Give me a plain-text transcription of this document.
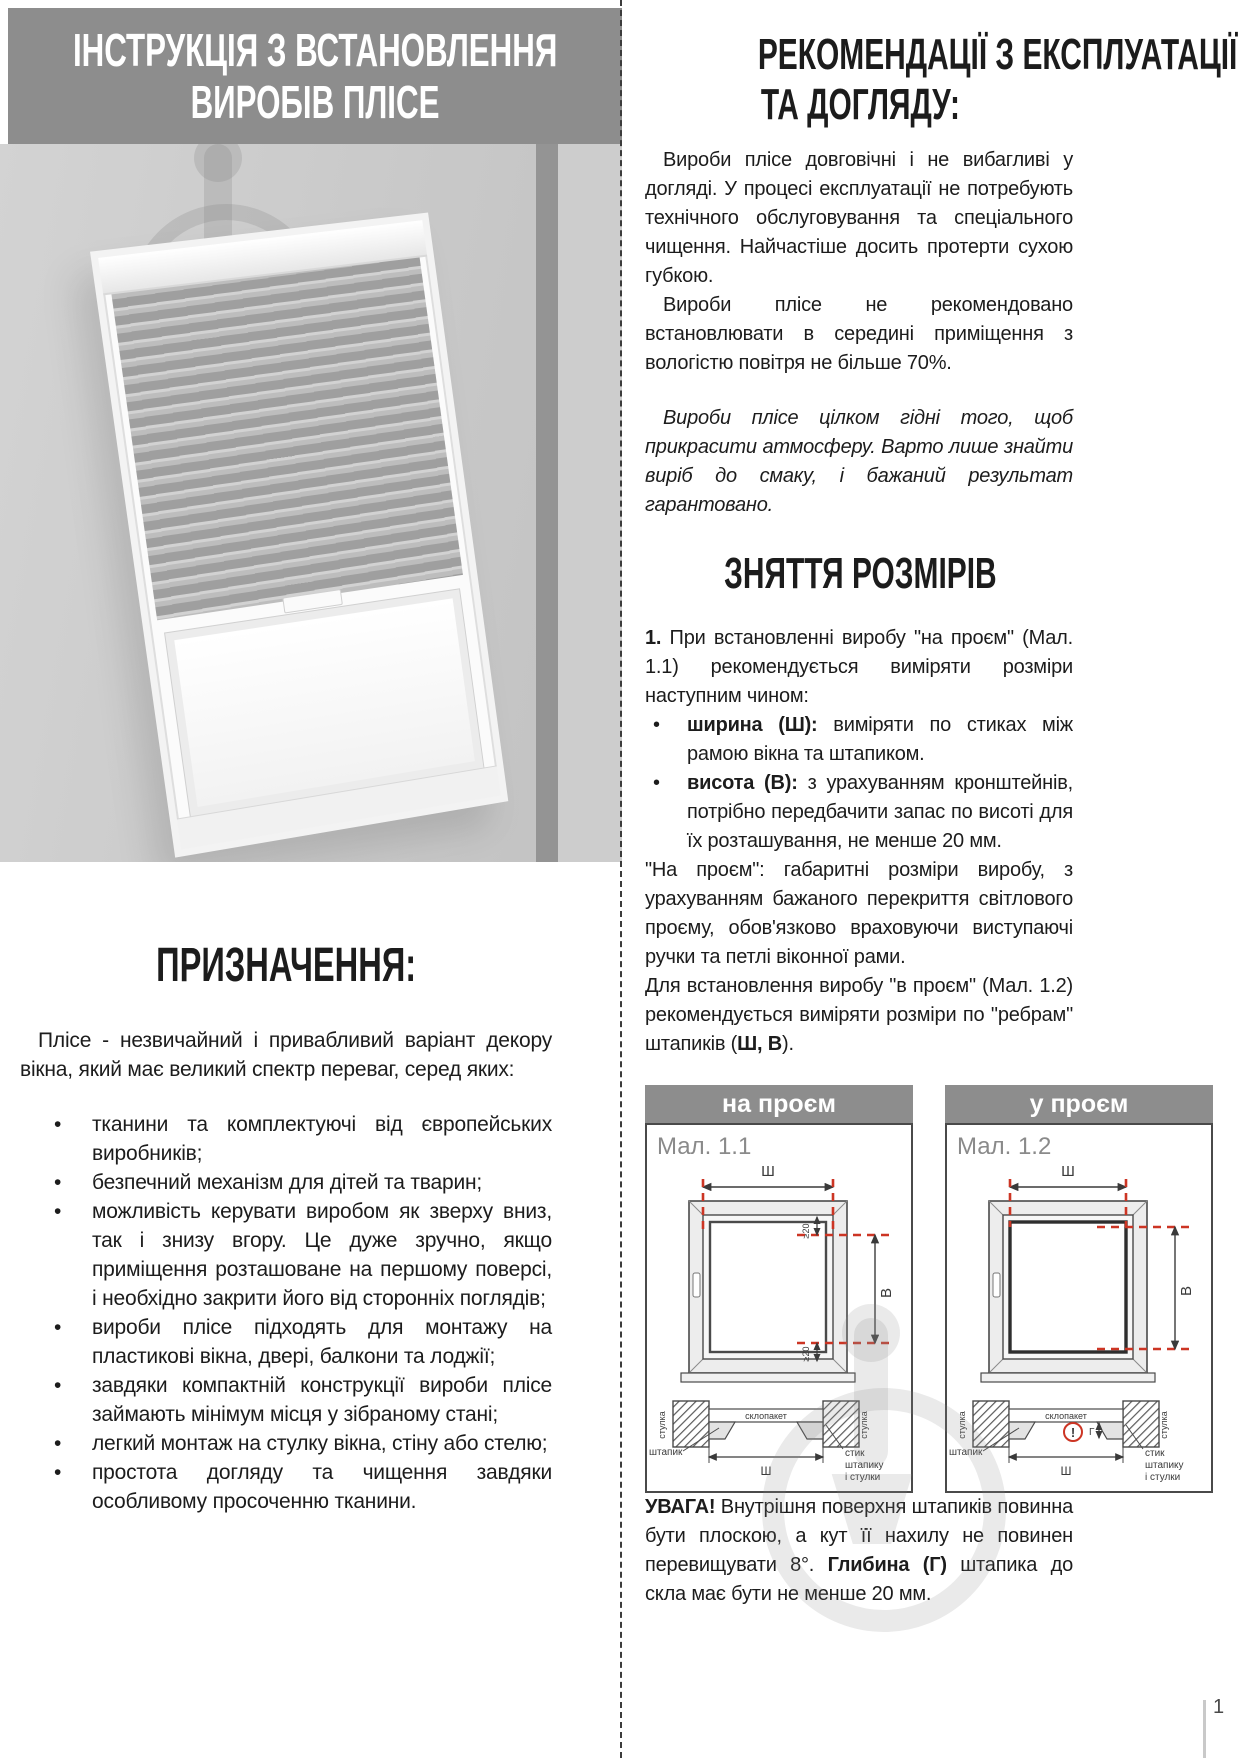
ІНСТРУКЦІЯ З ВСТАНОВЛЕННЯ
ВИРОБІВ ПЛІСЕ
ПРИЗНАЧЕННЯ:

Плісе - незвичайний і привабливий варіант декору вікна, який має великий спектр переваг, серед яких:

•	тканини та комплектуючі від європейських виробників;
•	безпечний механізм для дітей та тварин;
•	можливість керувати виробом як зверху вниз, так і знизу вгору. Це дуже зручно, якщо приміщення розташоване на першому поверсі, і необхідно закрити його від сторонніх поглядів;
•	вироби плісе підходять для монтажу на пластикові вікна, двері, балкони та лоджії;
•	завдяки компактній конструкції вироби плісе займають мінімум місця у зібраному стані;
•	легкий монтаж на стулку вікна, стіну або стелю;
•	простота догляду та чищення завдяки особливому просоченню тканини.
РЕКОМЕНДАЦІЇ З ЕКСПЛУАТАЦІЇ
ТА ДОГЛЯДУ:

Вироби плісе довговічні і не вибагливі у догляді. У процесі експлуатації не потребують технічного обслуговування та спеціального чищення. Найчастіше досить протерти сухою губкою.

Вироби плісе не рекомендовано встановлювати в середині приміщення з вологістю повітря не більше 70%.

Вироби плісе цілком гідні того, щоб прикрасити атмосферу. Варто лише знайти виріб до смаку, і бажаний результат гарантовано.

ЗНЯТТЯ РОЗМІРІВ

1. При встановленні виробу "на проєм" (Мал. 1.1) рекомендується виміряти розміри наступним чином:

•	ширина (Ш): виміряти по стиках між рамою вікна та штапиком.
•	висота (В): з урахуванням кронштейнів, потрібно передбачити запас по висоті для їх розташування, не менше 20 мм.

"На проєм": габаритні розміри виробу, з урахуванням бажаного перекриття світлового проєму, обов'язково враховуючи виступаючі ручки та петлі віконної рами.

Для встановлення виробу "в проєм" (Мал. 1.2) рекомендується виміряти розміри по "ребрам" штапиків (Ш, В).

на проєм
Мал. 1.1
Ш
≥20
≥20
В
стулка	стулка
склопакет
штапик
Ш
стик
штапику
і стулки
у проєм
Мал. 1.2
Ш
В
стулка	стулка
склопакет
! Г
штапик
Ш
стик
штапику
і стулки

УВАГА! Внутрішня поверхня штапиків повинна бути плоскою, а кут її нахилу не повинен перевищувати 8°. Глибина (Г) штапика до скла має бути не менше 20 мм.

1
